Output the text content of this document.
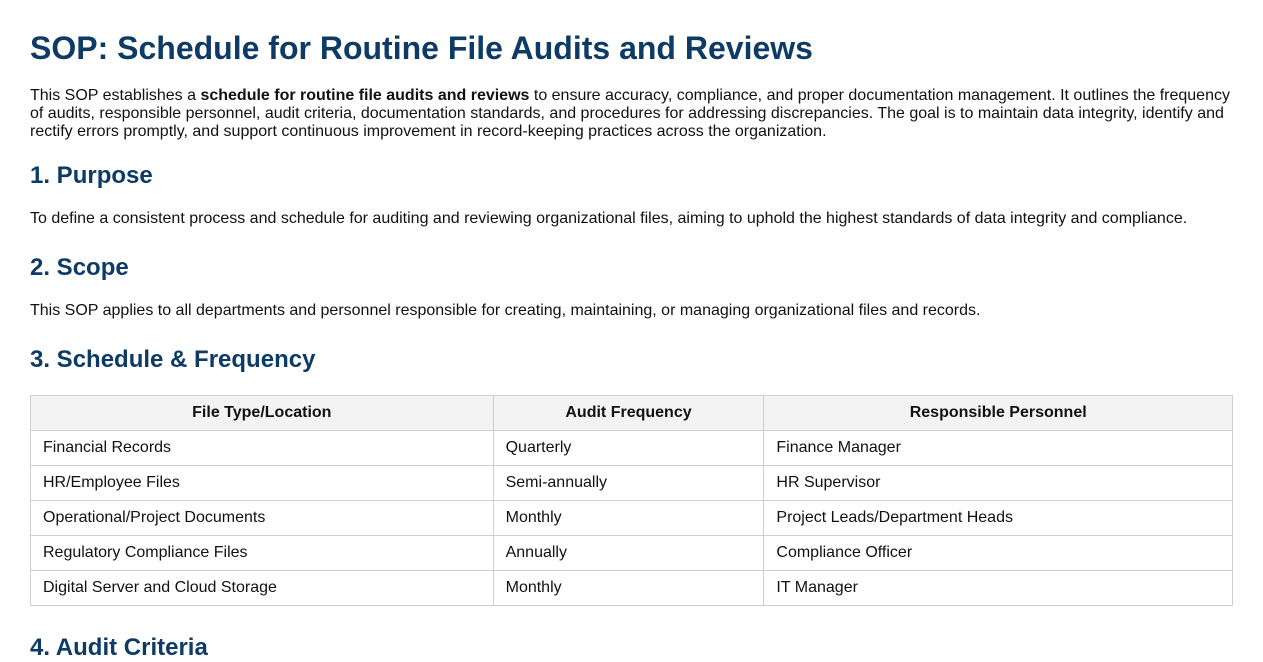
SOP: Schedule for Routine File Audits and Reviews

This SOP establishes a schedule for routine file audits and reviews to ensure accuracy, compliance, and proper documentation management. It outlines the frequency of audits, responsible personnel, audit criteria, documentation standards, and procedures for addressing discrepancies. The goal is to maintain data integrity, identify and rectify errors promptly, and support continuous improvement in record-keeping practices across the organization.

1. Purpose

To define a consistent process and schedule for auditing and reviewing organizational files, aiming to uphold the highest standards of data integrity and compliance.

2. Scope

This SOP applies to all departments and personnel responsible for creating, maintaining, or managing organizational files and records.

3. Schedule & Frequency
File Type/Location	Audit Frequency	Responsible Personnel
Financial Records	Quarterly	Finance Manager
HR/Employee Files	Semi-annually	HR Supervisor
Operational/Project Documents	Monthly	Project Leads/Department Heads
Regulatory Compliance Files	Annually	Compliance Officer
Digital Server and Cloud Storage	Monthly	IT Manager
4. Audit Criteria
